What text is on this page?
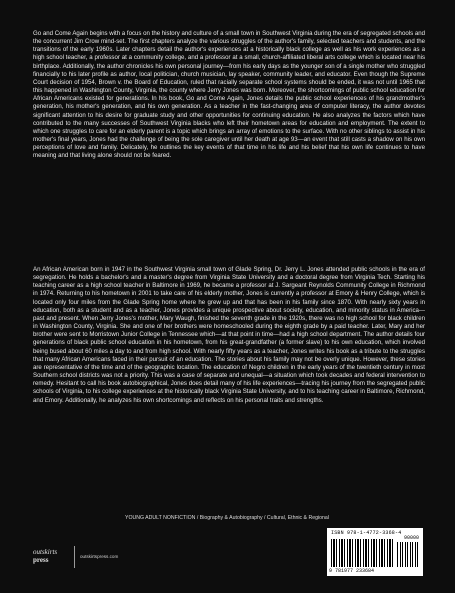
Go and Come Again begins with a focus on the history and culture of a small town in Southwest Virginia during the era of segregated schools and the concurrent Jim Crow mind-set. The first chapters analyze the various struggles of the author's family, selected teachers and students, and the transitions of the early 1960s. Later chapters detail the author's experiences at a historically black college as well as his work experiences as a high school teacher, a professor at a community college, and a professor at a small, church-affiliated liberal arts college which is located near his birthplace. Additionally, the author chronicles his own personal journey—from his early days as the younger son of a single mother who struggled financially to his later profile as author, local politician, church musician, lay speaker, community leader, and educator. Even though the Supreme Court decision of 1954, Brown v. the Board of Education, ruled that racially separate school systems should be ended, it was not until 1965 that this happened in Washington County, Virginia, the county where Jerry Jones was born. Moreover, the shortcomings of public school education for African Americans existed for generations. In his book, Go and Come Again, Jones details the public school experiences of his grandmother's generation, his mother's generation, and his own generation. As a teacher in the fast-changing area of computer literacy, the author devotes significant attention to his desire for graduate study and other opportunities for continuing education. He also analyzes the factors which have contributed to the many successes of Southwest Virginia blacks who left their hometown areas for education and employment. The extent to which one struggles to care for an elderly parent is a topic which brings an array of emotions to the surface. With no other siblings to assist in his mother's final years, Jones had the challenge of being the sole caregiver until her death at age 93—an event that still casts a shadow on his own perceptions of love and family. Delicately, he outlines the key events of that time in his life and his belief that his own life continues to have meaning and that living alone should not be feared.

An African American born in 1947 in the Southwest Virginia small town of Glade Spring, Dr. Jerry L. Jones attended public schools in the era of segregation. He holds a bachelor's and a master's degree from Virginia State University and a doctoral degree from Virginia Tech. Starting his teaching career as a high school teacher in Baltimore in 1969, he became a professor at J. Sargeant Reynolds Community College in Richmond in 1974. Returning to his hometown in 2001 to take care of his elderly mother, Jones is currently a professor at Emory & Henry College, which is located only four miles from the Glade Spring home where he grew up and that has been in his family since 1870. With nearly sixty years in education, both as a student and as a teacher, Jones provides a unique prospective about society, education, and minority status in America—past and present. When Jerry Jones's mother, Mary Waugh, finished the seventh grade in the 1920s, there was no high school for black children in Washington County, Virginia. She and one of her brothers were homeschooled during the eighth grade by a paid teacher. Later, Mary and her brother were sent to Morristown Junior College in Tennessee which—at that point in time—had a high school department. The author details four generations of black public school education in his hometown, from his great-grandfather (a former slave) to his own education, which involved being bused about 60 miles a day to and from high school. With nearly fifty years as a teacher, Jones writes his book as a tribute to the struggles that many African Americans faced in their pursuit of an education. The stories about his family may not be overly unique. However, these stories are representative of the time and of the geographic location. The education of Negro children in the early years of the twentieth century in most Southern school districts was not a priority. This was a case of separate and unequal—a situation which took decades and federal intervention to remedy. Hesitant to call his book autobiographical, Jones does detail many of his life experiences—tracing his journey from the segregated public schools of Virginia, to his college experiences at the historically black Virginia State University, and to his teaching career in Baltimore, Richmond, and Emory. Additionally, he analyzes his own shortcomings and reflects on his personal traits and strengths.

YOUNG ADULT NONFICTION / Biography & Autobiography / Cultural, Ethnic & Regional
ISBN 978-1-4772-3368-4
90000
9 781977 233684
outskirts
press	outskirtspress.com
